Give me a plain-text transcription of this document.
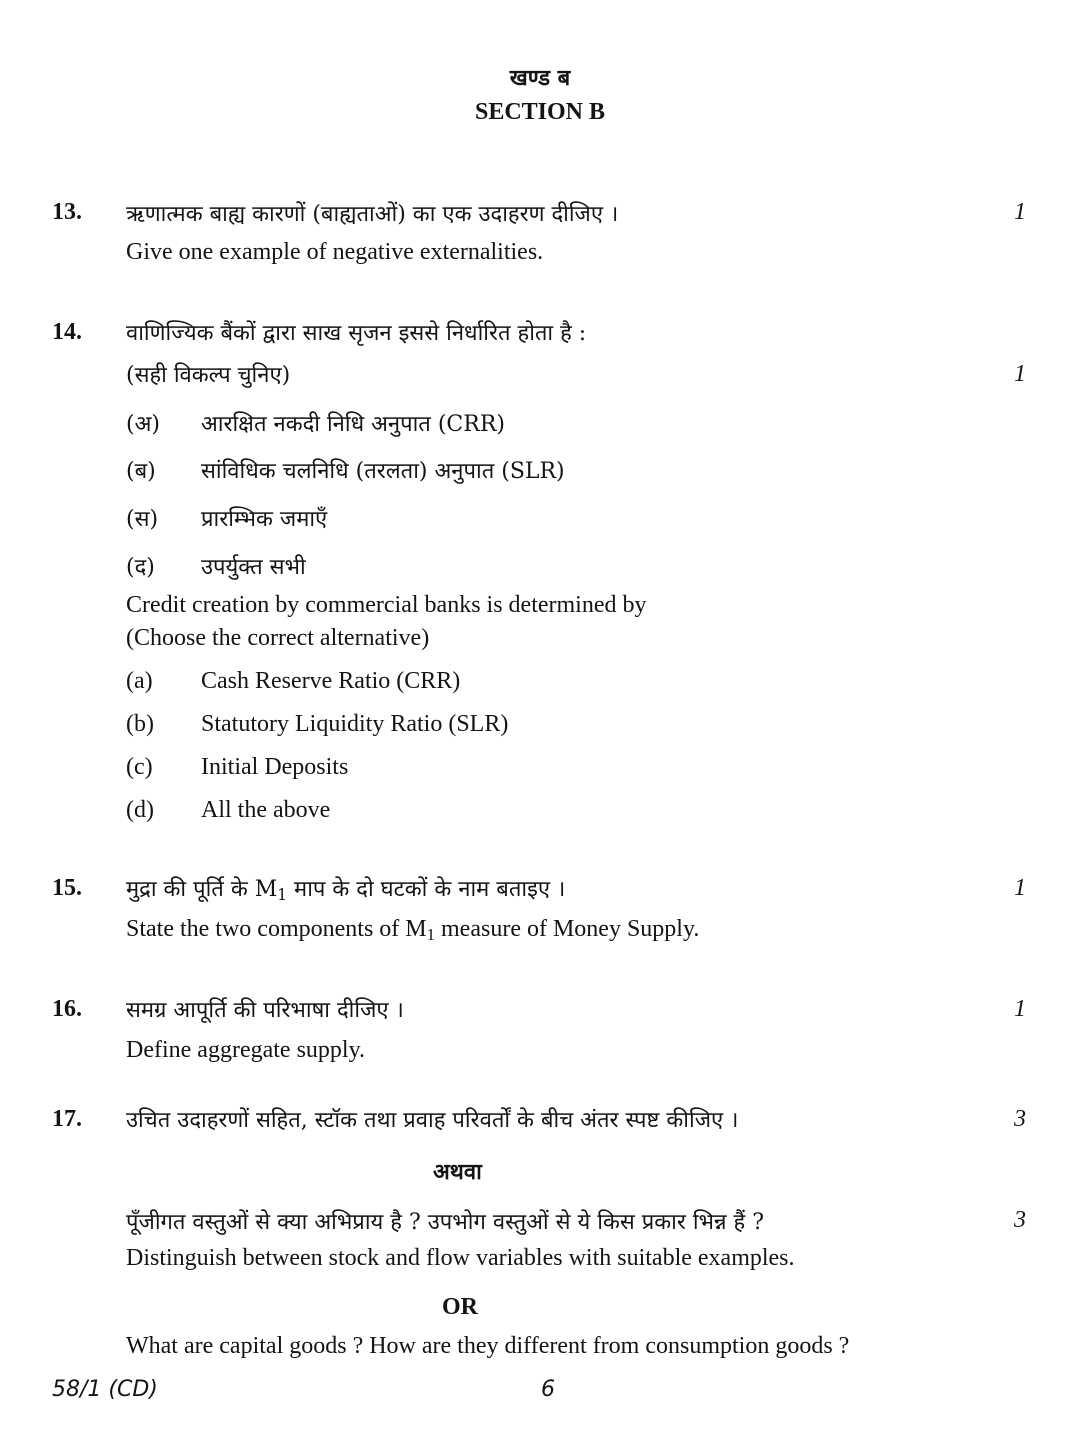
खण्ड ब
SECTION B
13. ऋणात्मक बाह्य कारणों (बाह्यताओं) का एक उदाहरण दीजिए ।	1
Give one example of negative externalities.
14. वाणिज्यिक बैंकों द्वारा साख सृजन इससे निर्धारित होता है :
(सही विकल्प चुनिए)	1
(अ) आरक्षित नकदी निधि अनुपात (CRR)
(ब) सांविधिक चलनिधि (तरलता) अनुपात (SLR)
(स) प्रारम्भिक जमाएँ
(द) उपर्युक्त सभी
Credit creation by commercial banks is determined by
(Choose the correct alternative)
(a) Cash Reserve Ratio (CRR)
(b) Statutory Liquidity Ratio (SLR)
(c) Initial Deposits
(d) All the above
15. मुद्रा की पूर्ति के $M_1$ माप के दो घटकों के नाम बताइए ।	1
State the two components of $M_1$ measure of Money Supply.
16. समग्र आपूर्ति की परिभाषा दीजिए ।	1
Define aggregate supply.
17. उचित उदाहरणों सहित, स्टॉक तथा प्रवाह परिवर्तों के बीच अंतर स्पष्ट कीजिए ।	3
अथवा
पूँजीगत वस्तुओं से क्या अभिप्राय है ? उपभोग वस्तुओं से ये किस प्रकार भिन्न हैं ?	3
Distinguish between stock and flow variables with suitable examples.
OR
What are capital goods ? How are they different from consumption goods ?
58/1 (CD)	6
